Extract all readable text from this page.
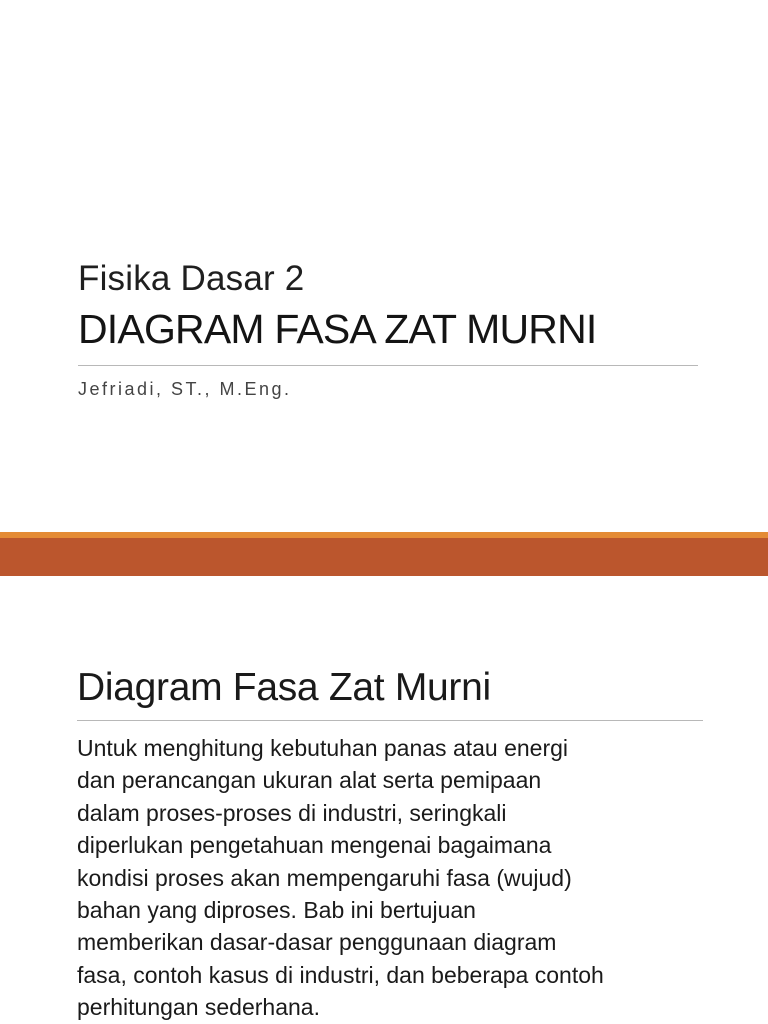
Fisika Dasar 2
DIAGRAM FASA ZAT MURNI
Jefriadi, ST., M.Eng.
Diagram Fasa Zat Murni
Untuk menghitung kebutuhan panas atau energi
dan perancangan ukuran alat serta pemipaan
dalam proses-proses di industri, seringkali
diperlukan pengetahuan mengenai bagaimana
kondisi proses akan mempengaruhi fasa (wujud)
bahan yang diproses. Bab ini bertujuan
memberikan dasar-dasar penggunaan diagram
fasa, contoh kasus di industri, dan beberapa contoh
perhitungan sederhana.
